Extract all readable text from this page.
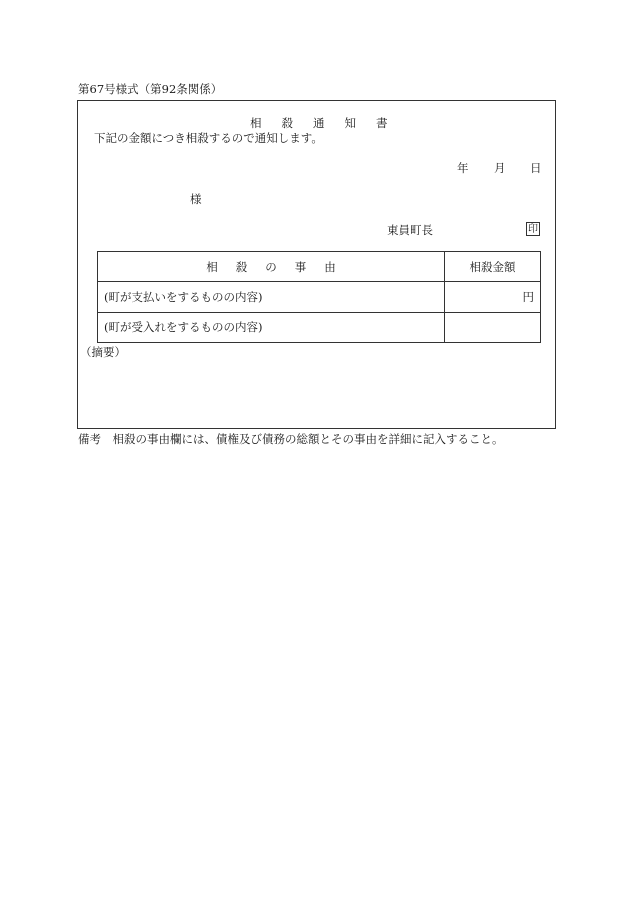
第67号様式（第92条関係）
相 殺 通 知 書
下記の金額につき相殺するので通知します。
年 月 日
様
東員町長	印
相 殺 の 事 由	相殺金額
(町が支払いをするものの内容)	円
(町が受入れをするものの内容)	
（摘要）
備考　相殺の事由欄には、債権及び債務の総額とその事由を詳細に記入すること。
